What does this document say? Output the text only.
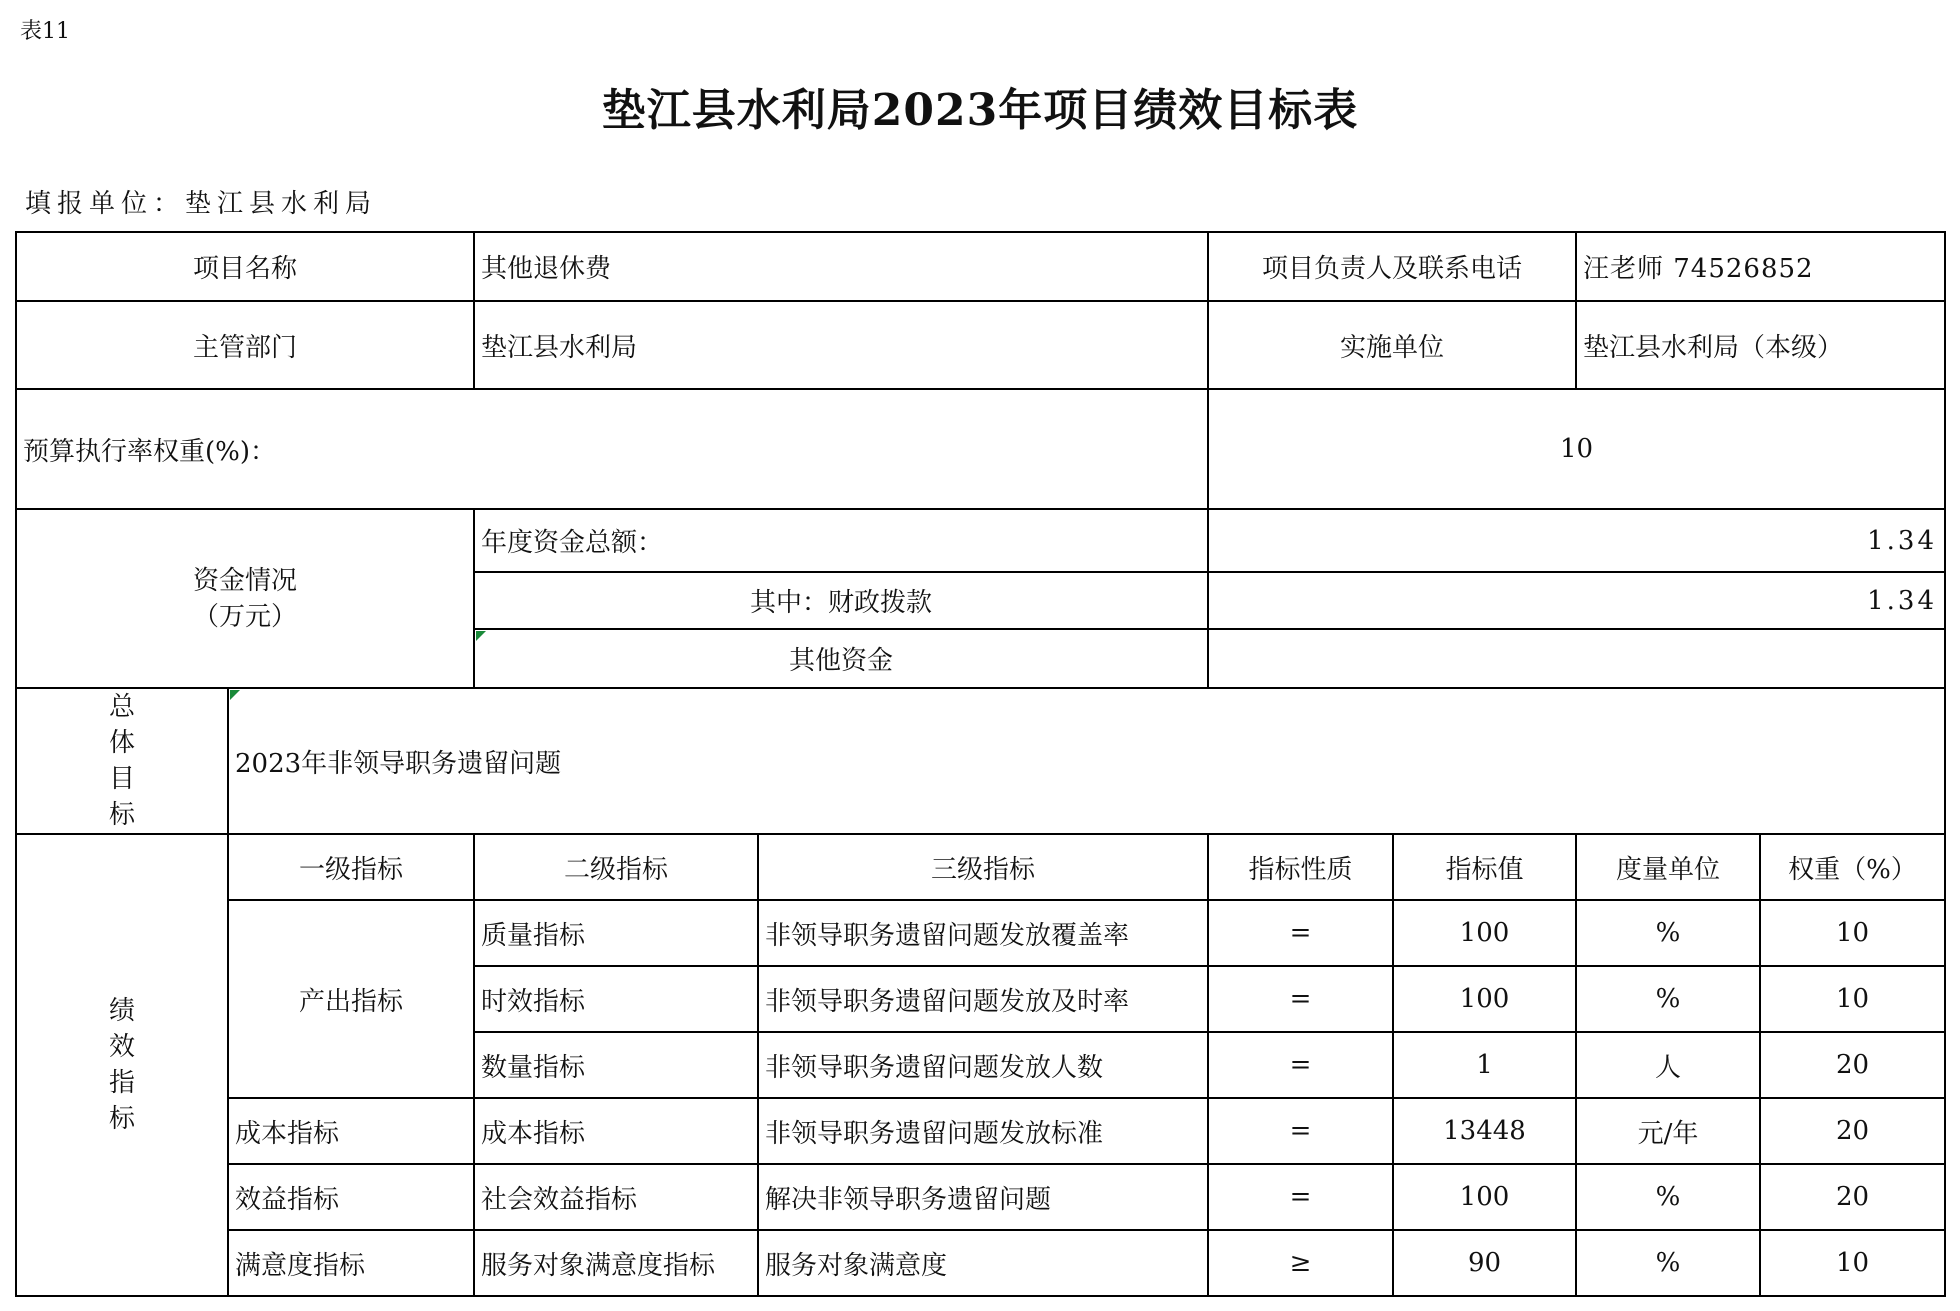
表11
垫江县水利局2023年项目绩效目标表
填报单位：垫江县水利局
项目名称	其他退休费	项目负责人及联系电话	汪老师 74526852
主管部门	垫江县水利局	实施单位	垫江县水利局（本级）
预算执行率权重(%)：	10
资金情况
（万元）
年度资金总额：	1.34
其中：财政拨款	1.34
其他资金
总
体
目
标
2023年非领导职务遗留问题
绩
效
指
标
一级指标	二级指标	三级指标	指标性质	指标值	度量单位	权重（%）
产出指标
质量指标	非领导职务遗留问题发放覆盖率	=	100	%	10
时效指标	非领导职务遗留问题发放及时率	=	100	%	10
数量指标	非领导职务遗留问题发放人数	=	1	人	20
成本指标	成本指标	非领导职务遗留问题发放标准	=	13448	元/年	20
效益指标	社会效益指标	解决非领导职务遗留问题	=	100	%	20
满意度指标	服务对象满意度指标	服务对象满意度	≥	90	%	10
